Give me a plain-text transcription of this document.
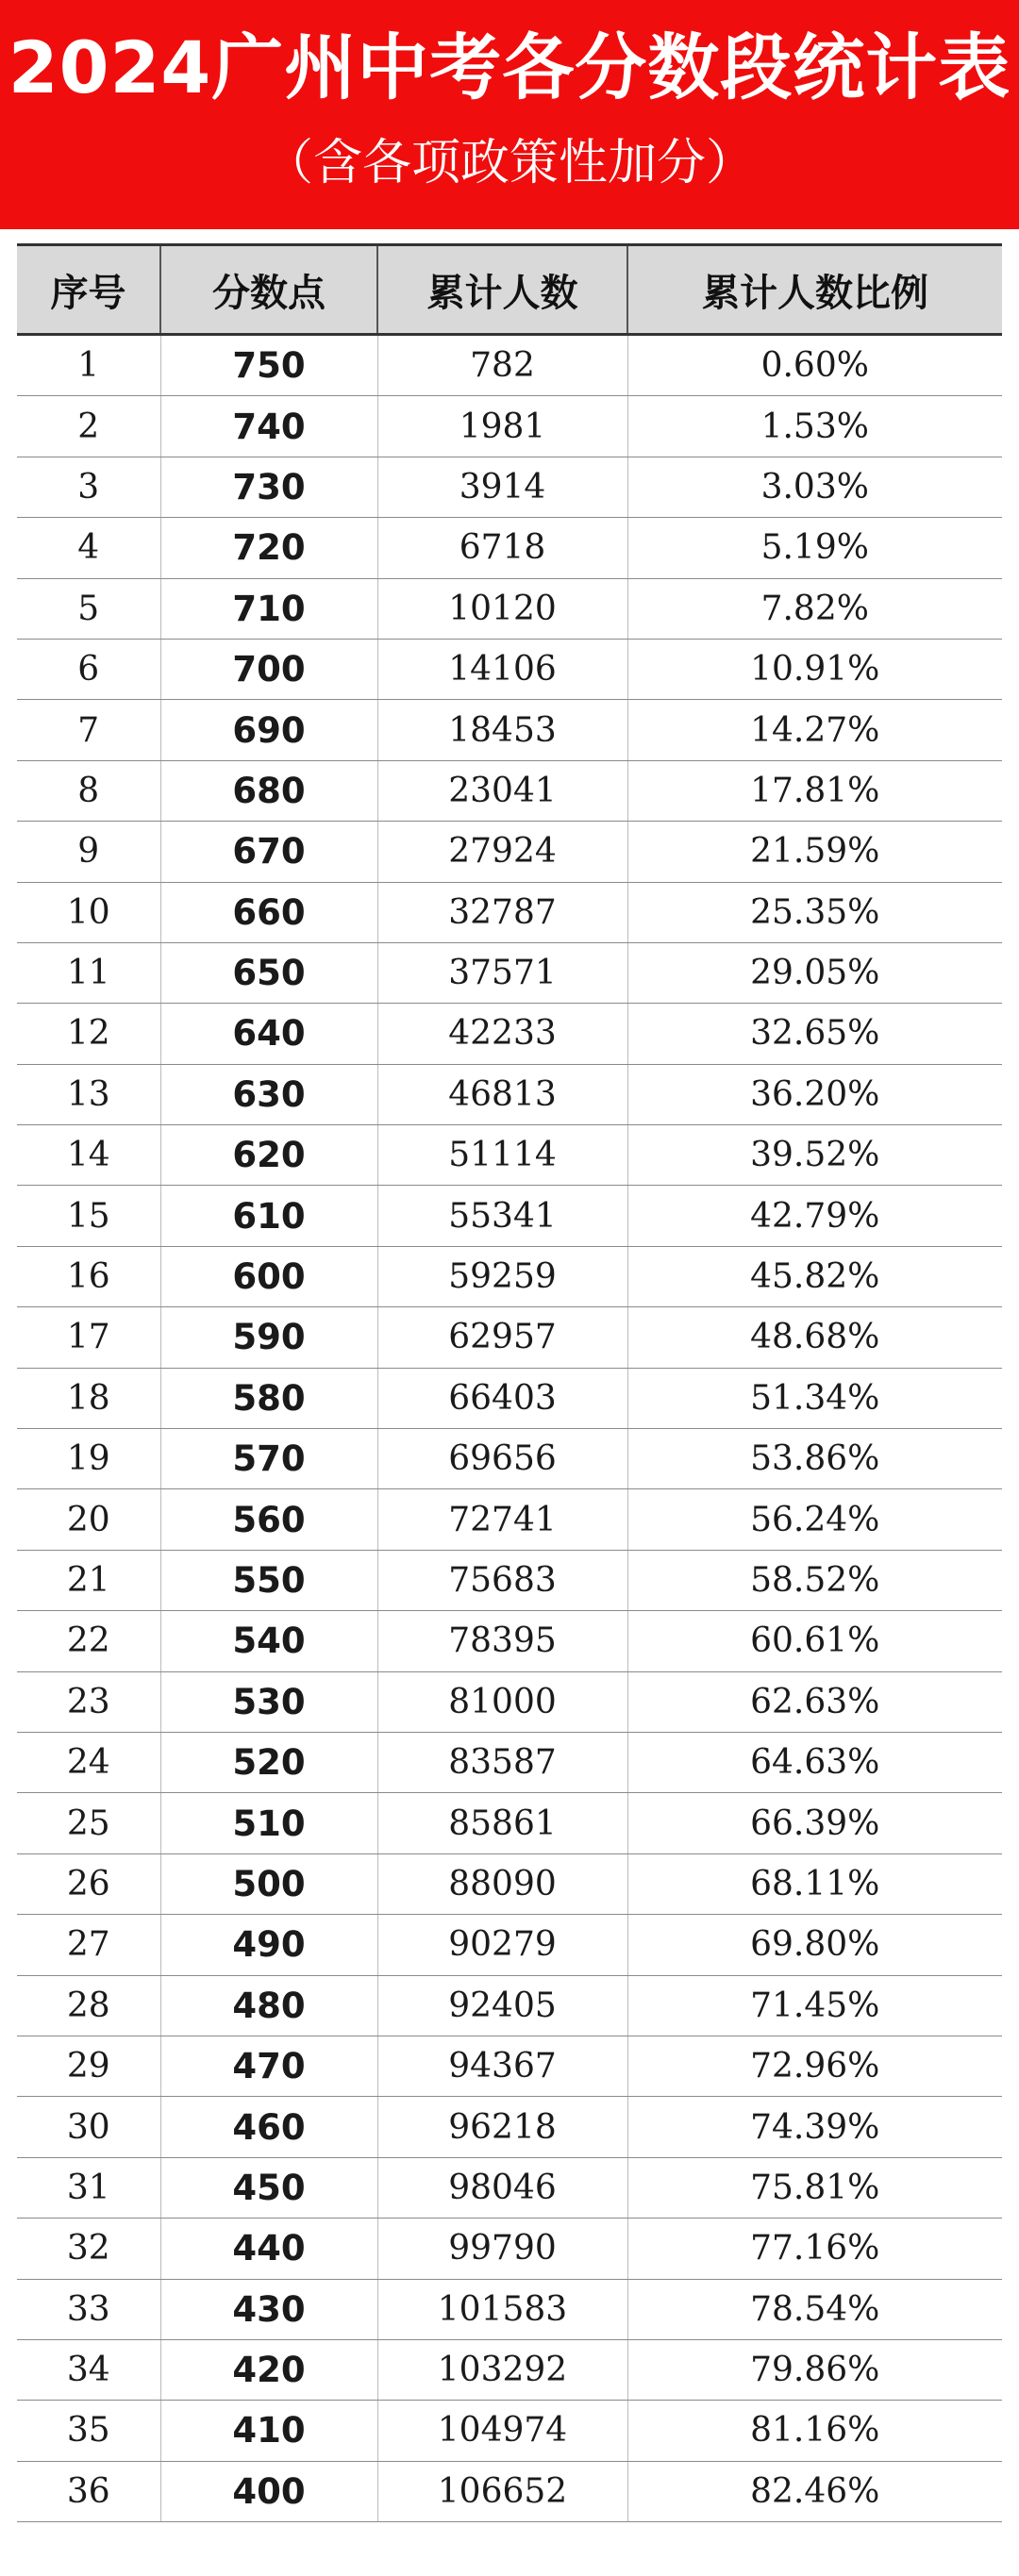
2024广州中考各分数段统计表
（含各项政策性加分）
序号	分数点	累计人数	累计人数比例
1	750	782	0.60%
2	740	1981	1.53%
3	730	3914	3.03%
4	720	6718	5.19%
5	710	10120	7.82%
6	700	14106	10.91%
7	690	18453	14.27%
8	680	23041	17.81%
9	670	27924	21.59%
10	660	32787	25.35%
11	650	37571	29.05%
12	640	42233	32.65%
13	630	46813	36.20%
14	620	51114	39.52%
15	610	55341	42.79%
16	600	59259	45.82%
17	590	62957	48.68%
18	580	66403	51.34%
19	570	69656	53.86%
20	560	72741	56.24%
21	550	75683	58.52%
22	540	78395	60.61%
23	530	81000	62.63%
24	520	83587	64.63%
25	510	85861	66.39%
26	500	88090	68.11%
27	490	90279	69.80%
28	480	92405	71.45%
29	470	94367	72.96%
30	460	96218	74.39%
31	450	98046	75.81%
32	440	99790	77.16%
33	430	101583	78.54%
34	420	103292	79.86%
35	410	104974	81.16%
36	400	106652	82.46%
